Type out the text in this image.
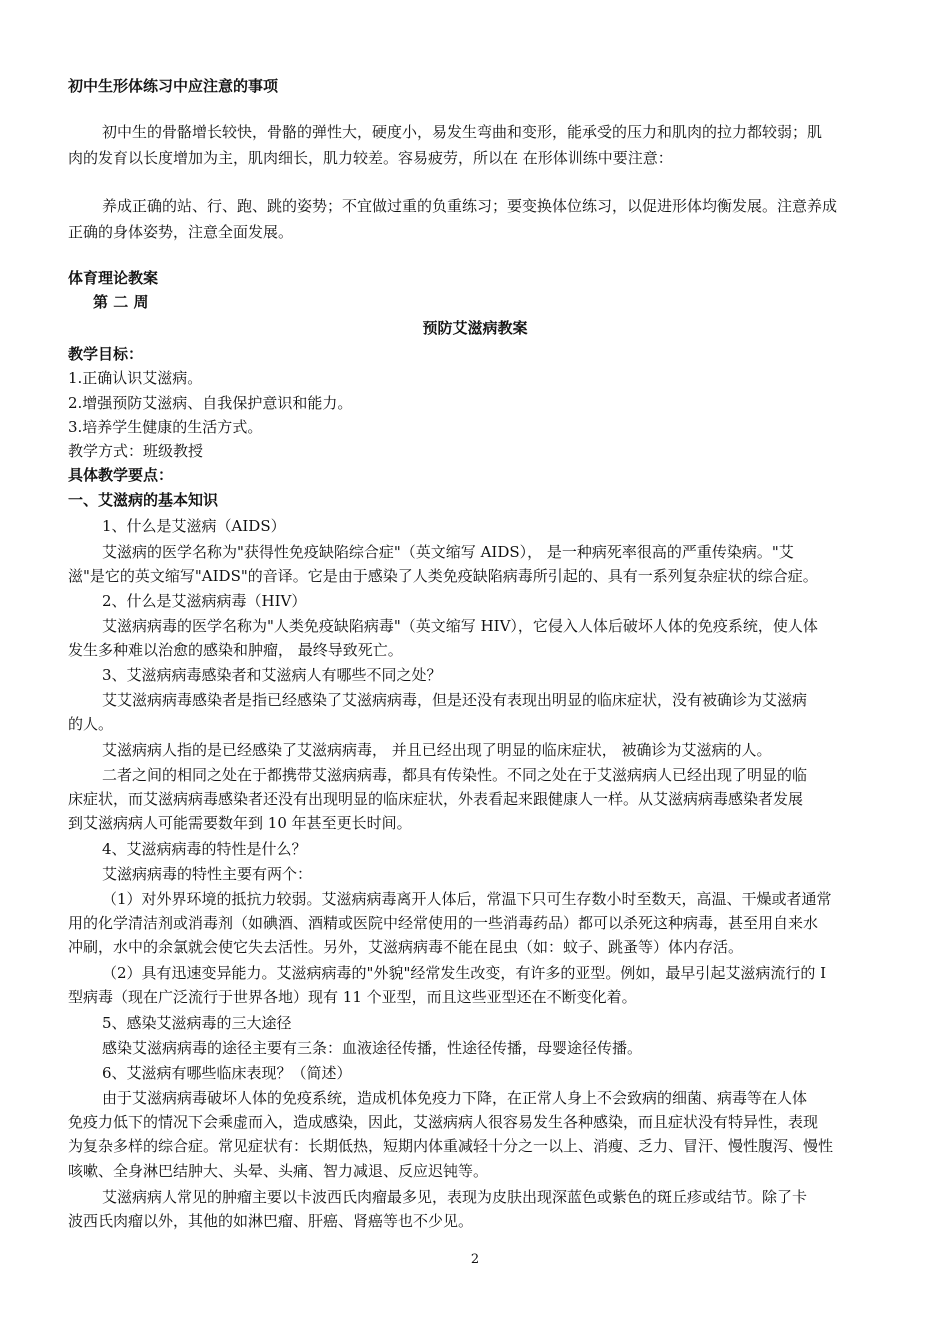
初中生形体练习中应注意的事项

初中生的骨骼增长较快，骨骼的弹性大，硬度小，易发生弯曲和变形，能承受的压力和肌肉的拉力都较弱；肌

肉的发育以长度增加为主，肌肉细长，肌力较差。容易疲劳，所以在 在形体训练中要注意：

养成正确的站、行、跑、跳的姿势；不宜做过重的负重练习；要变换体位练习，以促进形体均衡发展。注意养成

正确的身体姿势，注意全面发展。

体育理论教案

第 二 周

预防艾滋病教案

教学目标：

1.正确认识艾滋病。

2.增强预防艾滋病、自我保护意识和能力。

3.培养学生健康的生活方式。

教学方式：班级教授

具体教学要点：

一、艾滋病的基本知识

1、什么是艾滋病（AIDS）

艾滋病的医学名称为"获得性免疫缺陷综合症"（英文缩写 AIDS）， 是一种病死率很高的严重传染病。"艾

滋"是它的英文缩写"AIDS"的音译。它是由于感染了人类免疫缺陷病毒所引起的、具有一系列复杂症状的综合症。

2、什么是艾滋病病毒（HIV）

艾滋病病毒的医学名称为"人类免疫缺陷病毒"（英文缩写 HIV），它侵入人体后破坏人体的免疫系统，使人体

发生多种难以治愈的感染和肿瘤， 最终导致死亡。

3、艾滋病病毒感染者和艾滋病人有哪些不同之处？

艾艾滋病病毒感染者是指已经感染了艾滋病病毒，但是还没有表现出明显的临床症状，没有被确诊为艾滋病

的人。

艾滋病病人指的是已经感染了艾滋病病毒， 并且已经出现了明显的临床症状， 被确诊为艾滋病的人。

二者之间的相同之处在于都携带艾滋病病毒，都具有传染性。不同之处在于艾滋病病人已经出现了明显的临

床症状，而艾滋病病毒感染者还没有出现明显的临床症状，外表看起来跟健康人一样。从艾滋病病毒感染者发展

到艾滋病病人可能需要数年到 10 年甚至更长时间。

4、艾滋病病毒的特性是什么？

艾滋病病毒的特性主要有两个：

（1）对外界环境的抵抗力较弱。艾滋病病毒离开人体后，常温下只可生存数小时至数天，高温、干燥或者通常

用的化学清洁剂或消毒剂（如碘酒、酒精或医院中经常使用的一些消毒药品）都可以杀死这种病毒，甚至用自来水

冲刷，水中的余氯就会使它失去活性。另外，艾滋病病毒不能在昆虫（如：蚊子、跳蚤等）体内存活。

（2）具有迅速变异能力。艾滋病病毒的"外貌"经常发生改变，有许多的亚型。例如，最早引起艾滋病流行的 I

型病毒（现在广泛流行于世界各地）现有 11 个亚型，而且这些亚型还在不断变化着。

5、感染艾滋病毒的三大途径

感染艾滋病病毒的途径主要有三条：血液途径传播，性途径传播，母婴途径传播。

6、艾滋病有哪些临床表现？（简述）

由于艾滋病病毒破坏人体的免疫系统，造成机体免疫力下降，在正常人身上不会致病的细菌、病毒等在人体

免疫力低下的情况下会乘虚而入，造成感染，因此，艾滋病病人很容易发生各种感染，而且症状没有特异性，表现

为复杂多样的综合症。常见症状有：长期低热，短期内体重减轻十分之一以上、消瘦、乏力、冒汗、慢性腹泻、慢性

咳嗽、全身淋巴结肿大、头晕、头痛、智力减退、反应迟钝等。

艾滋病病人常见的肿瘤主要以卡波西氏肉瘤最多见，表现为皮肤出现深蓝色或紫色的斑丘疹或结节。除了卡

波西氏肉瘤以外，其他的如淋巴瘤、肝癌、肾癌等也不少见。

2
